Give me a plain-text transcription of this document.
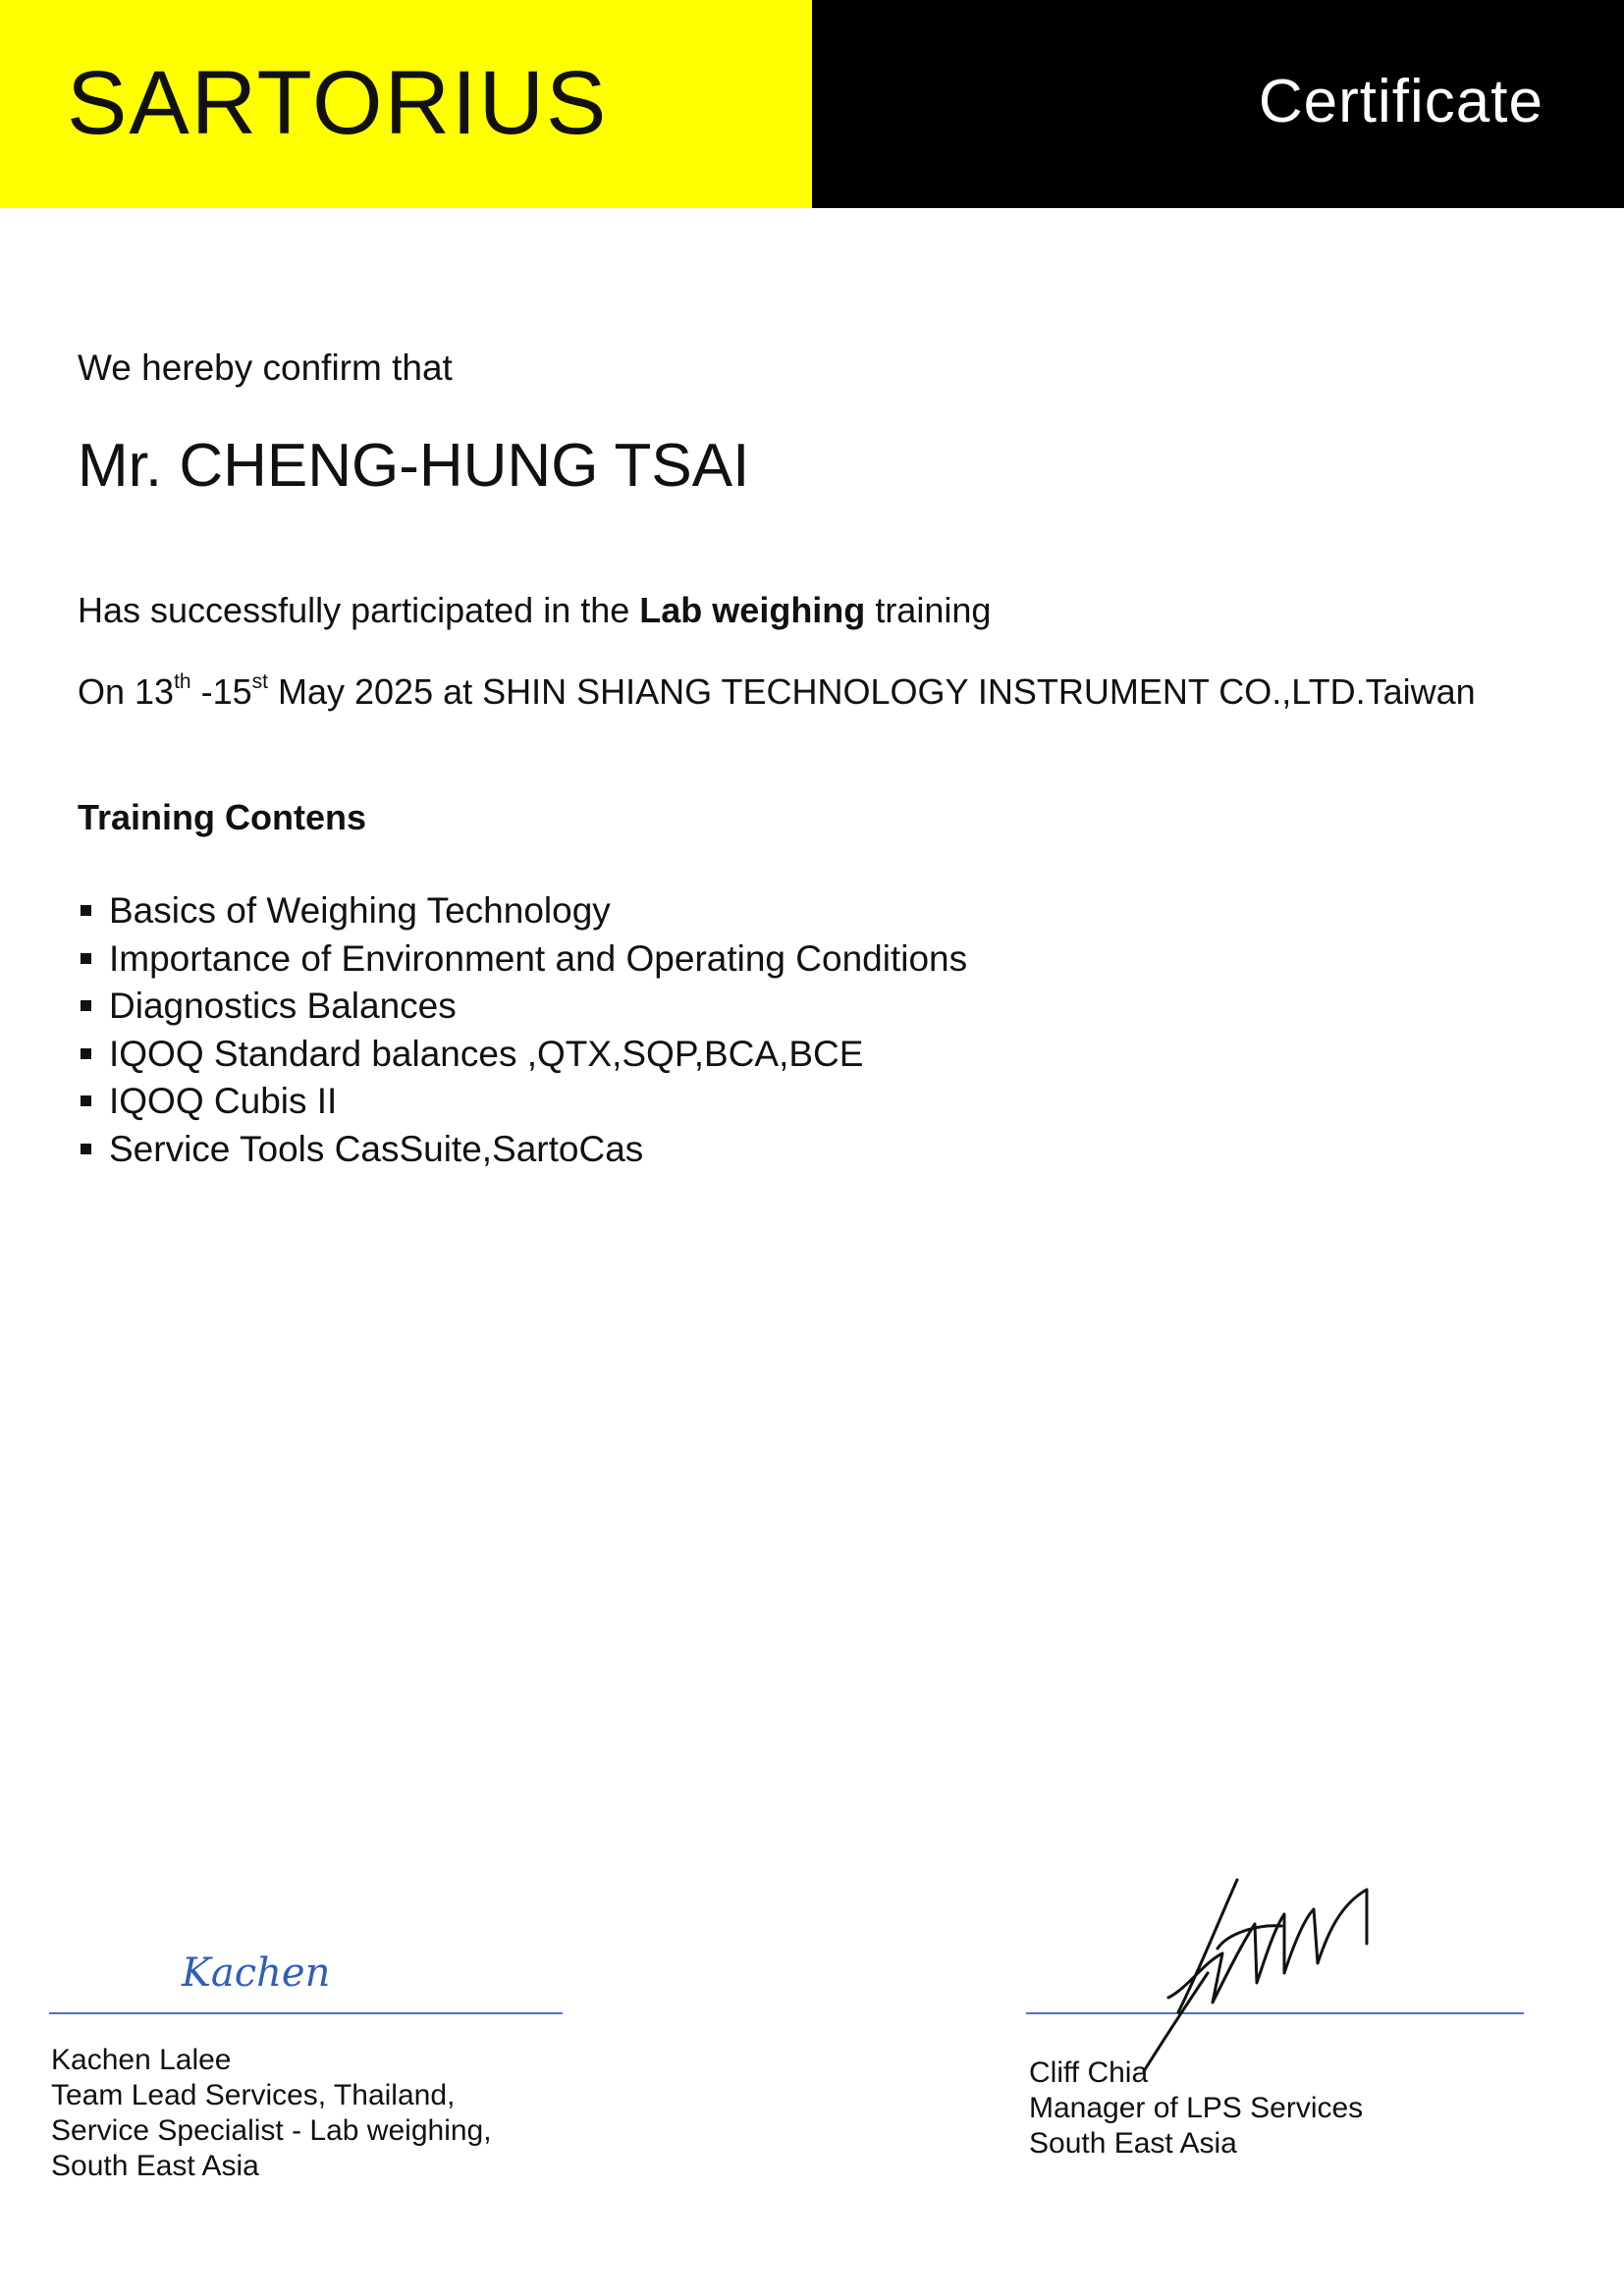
SARTORIUS	Certificate
We hereby confirm that
Mr. CHENG-HUNG TSAI
Has successfully participated in the Lab weighing training
On 13th -15st May 2025 at SHIN SHIANG TECHNOLOGY INSTRUMENT CO.,LTD.Taiwan
Training Contens
Basics of Weighing Technology
Importance of Environment and Operating Conditions
Diagnostics Balances
IQOQ Standard balances ,QTX,SQP,BCA,BCE
IQOQ Cubis II
Service Tools CasSuite,SartoCas
Kachen
Kachen Lalee
Team Lead Services, Thailand,
Service Specialist - Lab weighing,
South East Asia
Cliff Chia
Manager of LPS Services
South East Asia
